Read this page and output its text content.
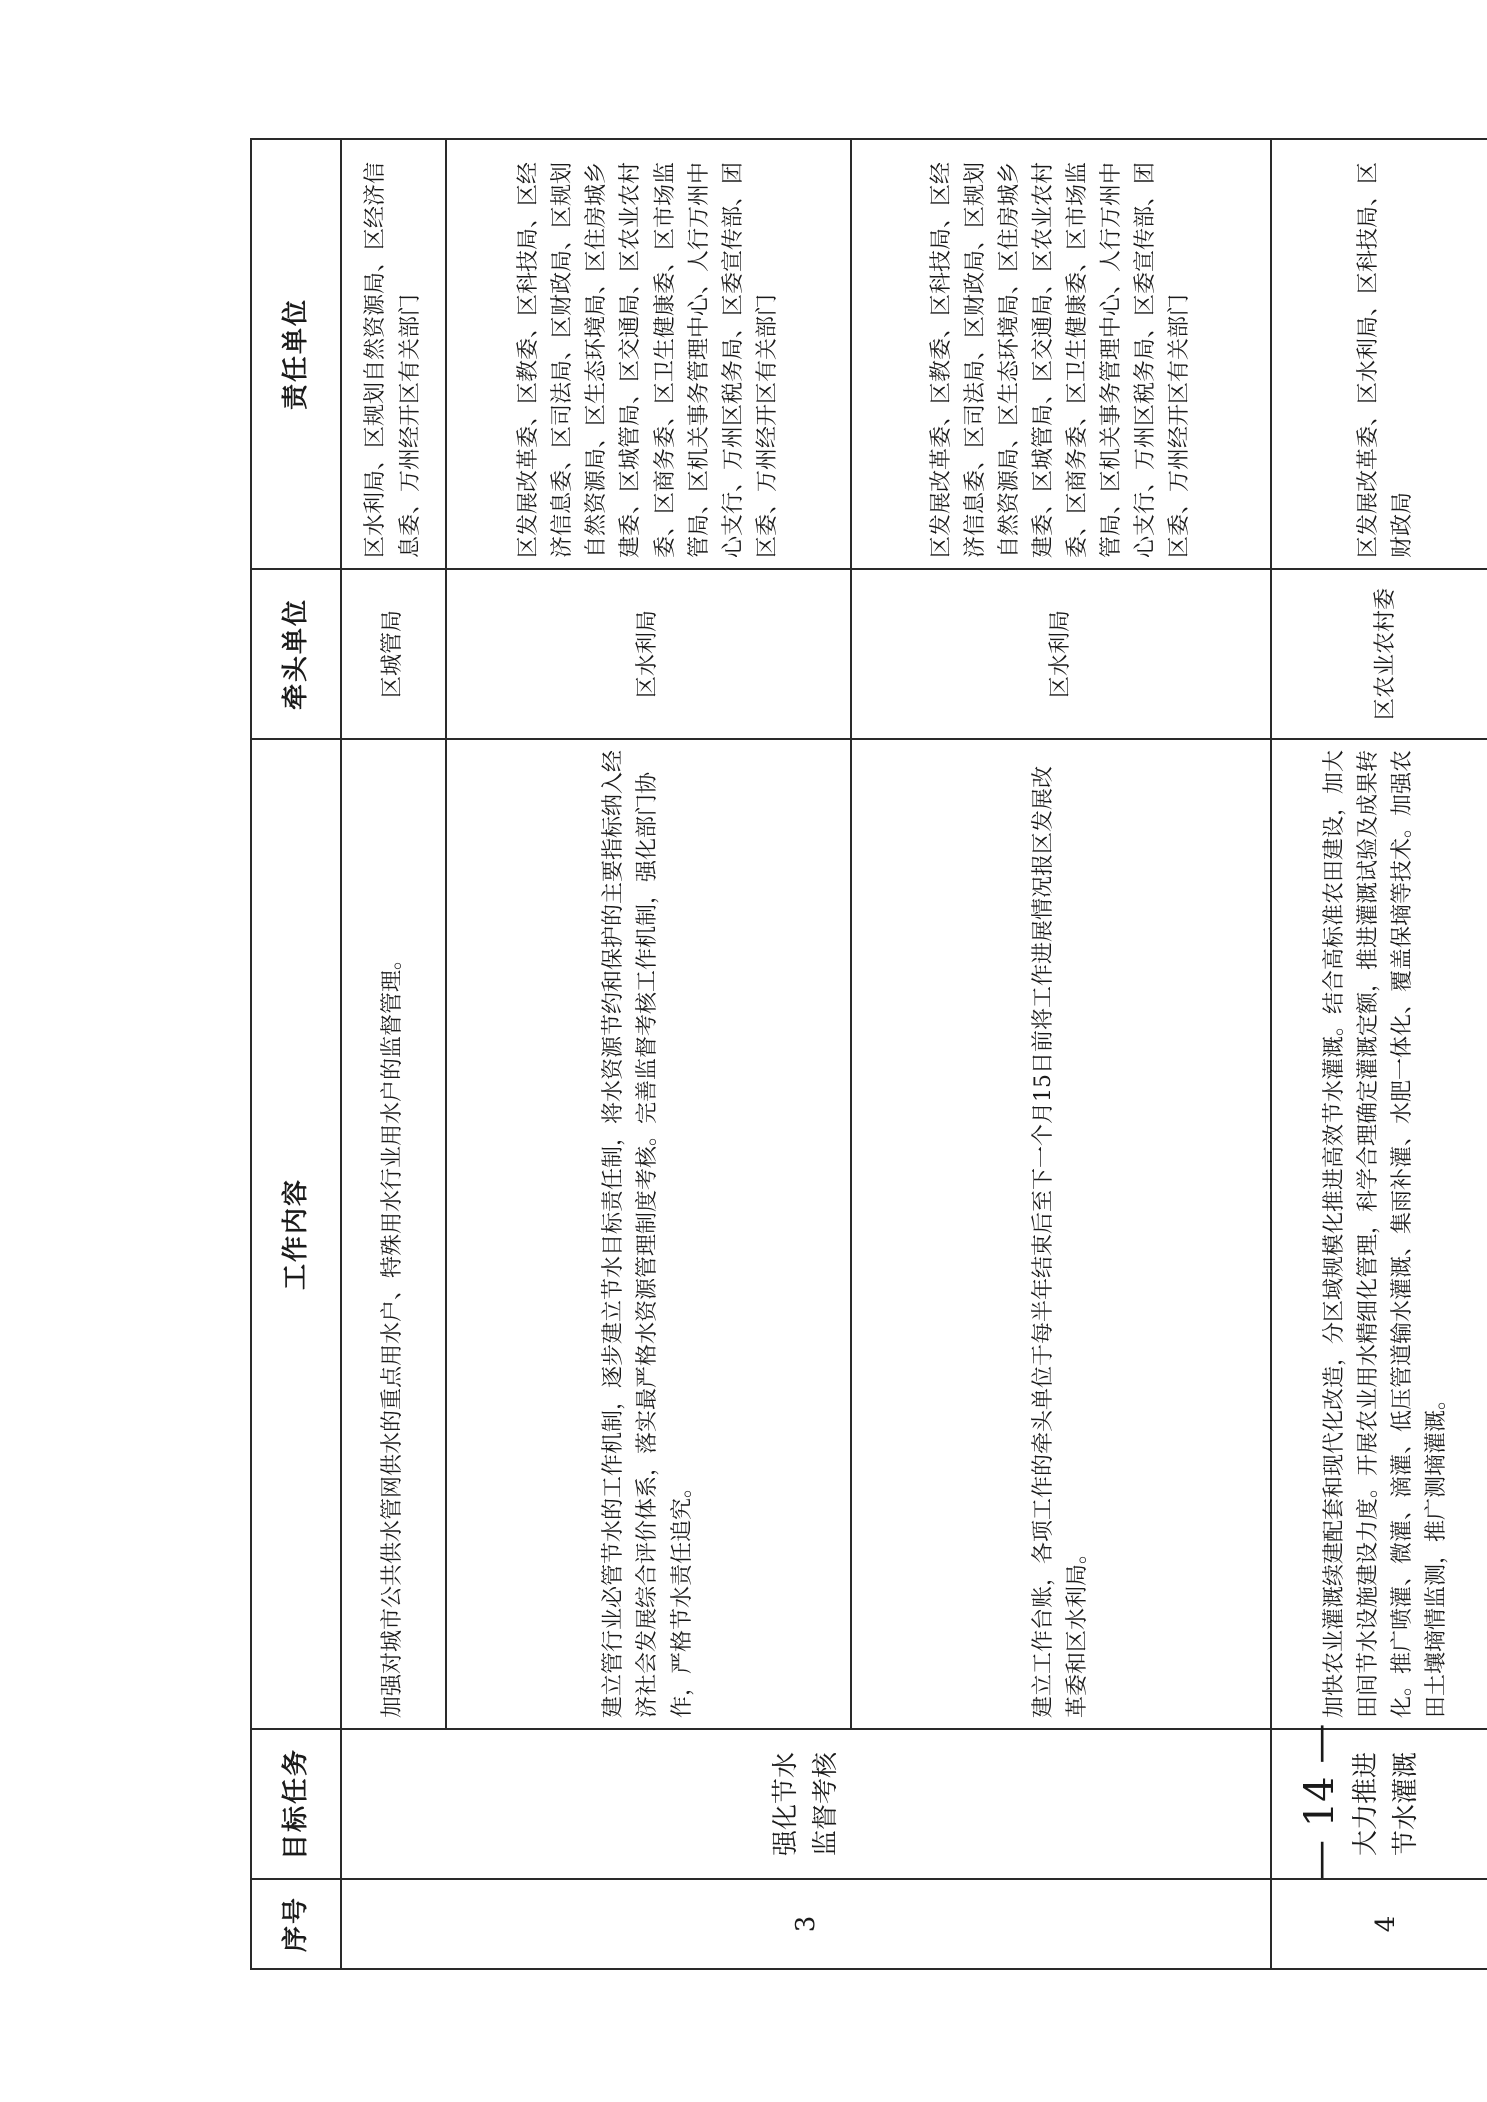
序号	目标任务	工作内容	牵头单位	责任单位
3	强化节水监督考核	加强对城市公共供水管网供水的重点用水户、特殊用水行业用水户的监督管理。	区城管局	区水利局、区规划自然资源局、区经济信息委、万州经开区有关部门
		建立管行业必管节水的工作机制，逐步建立节水目标责任制，将水资源节约和保护的主要指标纳入经济社会发展综合评价体系，落实最严格水资源管理制度考核。完善监督考核工作机制，强化部门协作，严格节水责任追究。	区水利局	区发展改革委、区教委、区科技局、区经济信息委、区司法局、区财政局、区规划自然资源局、区生态环境局、区住房城乡建委、区城管局、区交通局、区农业农村委、区商务委、区卫生健康委、区市场监管局、区机关事务管理中心、人行万州中心支行、万州区税务局、区委宣传部、团区委、万州经开区有关部门
		建立工作台账，各项工作的牵头单位于每半年结束后至下一个月15日前将工作进展情况报区发展改革委和区水利局。	区水利局	区发展改革委、区教委、区科技局、区经济信息委、区司法局、区财政局、区规划自然资源局、区生态环境局、区住房城乡建委、区城管局、区交通局、区农业农村委、区商务委、区卫生健康委、区市场监管局、区机关事务管理中心、人行万州中心支行、万州区税务局、区委宣传部、团区委、万州经开区有关部门
4	大力推进节水灌溉	加快农业灌溉续建配套和现代化改造，分区域规模化推进高效节水灌溉。结合高标准农田建设，加大田间节水设施建设力度。开展农业用水精细化管理，科学合理确定灌溉定额，推进灌溉试验及成果转化。推广喷灌、微灌、滴灌、低压管道输水灌溉、集雨补灌、水肥一体化、覆盖保墒等技术。加强农田土壤墒情监测，推广测墒灌溉。	区农业农村委	区发展改革委、区水利局、区科技局、区财政局
— 14 —
